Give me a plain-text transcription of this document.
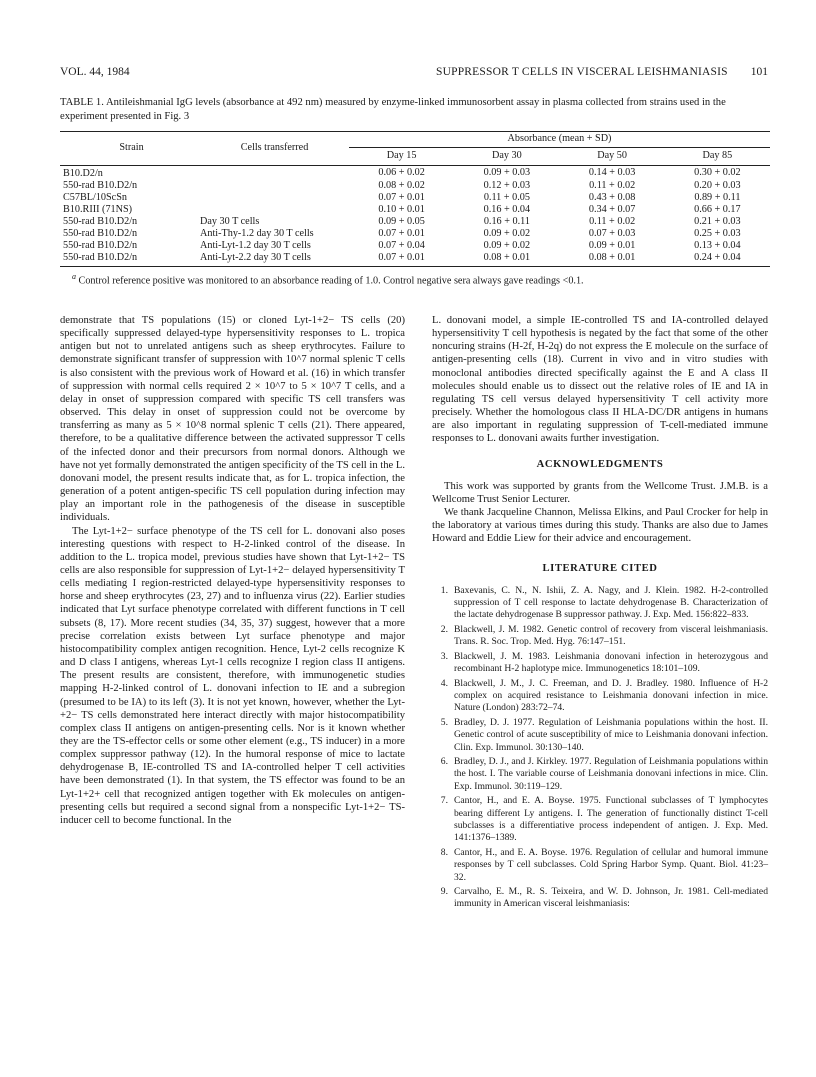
VOL. 44, 1984	SUPPRESSOR T CELLS IN VISCERAL LEISHMANIASIS 101
TABLE 1. Antileishmanial IgG levels (absorbance at 492 nm) measured by enzyme-linked immunosorbent assay in plasma collected from strains used in the experiment presented in Fig. 3
Strain	Cells transferred	Absorbance (mean + SD)			
		Day 15	Day 30	Day 50	Day 85
B10.D2/n		0.06 + 0.02	0.09 + 0.03	0.14 + 0.03	0.30 + 0.02
550-rad B10.D2/n		0.08 + 0.02	0.12 + 0.03	0.11 + 0.02	0.20 + 0.03
C57BL/10ScSn		0.07 + 0.01	0.11 + 0.05	0.43 + 0.08	0.89 + 0.11
B10.RIII (71NS)		0.10 + 0.01	0.16 + 0.04	0.34 + 0.07	0.66 + 0.17
550-rad B10.D2/n	Day 30 T cells	0.09 + 0.05	0.16 + 0.11	0.11 + 0.02	0.21 + 0.03
550-rad B10.D2/n	Anti-Thy-1.2 day 30 T cells	0.07 + 0.01	0.09 + 0.02	0.07 + 0.03	0.25 + 0.03
550-rad B10.D2/n	Anti-Lyt-1.2 day 30 T cells	0.07 + 0.04	0.09 + 0.02	0.09 + 0.01	0.13 + 0.04
550-rad B10.D2/n	Anti-Lyt-2.2 day 30 T cells	0.07 + 0.01	0.08 + 0.01	0.08 + 0.01	0.24 + 0.04
$^a$ Control reference positive was monitored to an absorbance reading of 1.0. Control negative sera always gave readings <0.1.

demonstrate that TS populations (15) or cloned Lyt-1+2− TS cells (20) specifically suppressed delayed-type hypersensitivity responses to L. tropica antigen but not to unrelated antigens such as sheep erythrocytes. Failure to demonstrate significant transfer of suppression with 10^7 normal splenic T cells is also consistent with the previous work of Howard et al. (16) in which transfer of suppression with normal cells required 2 × 10^7 to 5 × 10^7 T cells, and a delay in onset of suppression compared with specific TS cell transfers was observed. This delay in onset of suppression could not be overcome by transferring as many as 5 × 10^8 normal splenic T cells (21). There appeared, therefore, to be a qualitative difference between the activated suppressor T cells of the infected donor and their precursors from normal donors. Although we have not yet formally demonstrated the antigen specificity of the TS cell in the L. donovani model, the present results indicate that, as for L. tropica infection, the generation of a potent antigen-specific TS cell population during infection may play an important role in the pathogenesis of the disease in susceptible individuals.

The Lyt-1+2− surface phenotype of the TS cell for L. donovani also poses interesting questions with respect to H-2-linked control of the disease. In addition to the L. tropica model, previous studies have shown that Lyt-1+2− TS cells are also responsible for suppression of Lyt-1+2− delayed hypersensitivity T cells mediating I region-restricted delayed-type hypersensitivity responses to horse and sheep erythrocytes (23, 27) and to influenza virus (22). Earlier studies indicated that Lyt surface phenotype correlated with different functions in T cell subsets (8, 17). More recent studies (34, 35, 37) suggest, however that a more precise correlation exists between Lyt surface phenotype and major histocompatibility complex antigen recognition. Hence, Lyt-2 cells recognize K and D class I antigens, whereas Lyt-1 cells recognize I region class II antigens. The present results are consistent, therefore, with immunogenetic studies mapping H-2-linked control of L. donovani infection to IE and a subregion (presumed to be IA) to its left (3). It is not yet known, however, whether the Lyt-+2− TS cells demonstrated here interact directly with major histocompatibility complex class II antigens on antigen-presenting cells. Nor is it known whether they are the TS-effector cells or some other element (e.g., TS inducer) in a more complex suppressor pathway (12). In the humoral response of mice to lactate dehydrogenase B, IE-controlled TS and IA-controlled helper T cell activities have been demonstrated (1). In that system, the TS effector was found to be an Lyt-1+2+ cell that recognized antigen together with Ek molecules on antigen-presenting cells but required a second signal from a nonspecific Lyt-1+2− TS-inducer cell to become functional. In the

L. donovani model, a simple IE-controlled TS and IA-controlled delayed hypersensitivity T cell hypothesis is negated by the fact that some of the other noncuring strains (H-2f, H-2q) do not express the E molecule on the surface of antigen-presenting cells (18). Current in vivo and in vitro studies with monoclonal antibodies directed specifically against the E and A class II molecules should enable us to dissect out the relative roles of IE and IA in regulating TS cell versus delayed hypersensitivity T cell activity more precisely. Whether the homologous class II HLA-DC/DR antigens in humans are also important in regulating suppression of T-cell-mediated immune responses to L. donovani awaits further investigation.

ACKNOWLEDGMENTS

This work was supported by grants from the Wellcome Trust. J.M.B. is a Wellcome Trust Senior Lecturer.

We thank Jacqueline Channon, Melissa Elkins, and Paul Crocker for help in the laboratory at various times during this study. Thanks are also due to James Howard and Eddie Liew for their advice and encouragement.

LITERATURE CITED
1. Baxevanis, C. N., N. Ishii, Z. A. Nagy, and J. Klein. 1982. H-2-controlled suppression of T cell response to lactate dehydrogenase B. Characterization of the lactate dehydrogenase B suppressor pathway. J. Exp. Med. 156:822–833.
2. Blackwell, J. M. 1982. Genetic control of recovery from visceral leishmaniasis. Trans. R. Soc. Trop. Med. Hyg. 76:147–151.
3. Blackwell, J. M. 1983. Leishmania donovani infection in heterozygous and recombinant H-2 haplotype mice. Immunogenetics 18:101–109.
4. Blackwell, J. M., J. C. Freeman, and D. J. Bradley. 1980. Influence of H-2 complex on acquired resistance to Leishmania donovani infection in mice. Nature (London) 283:72–74.
5. Bradley, D. J. 1977. Regulation of Leishmania populations within the host. II. Genetic control of acute susceptibility of mice to Leishmania donovani infection. Clin. Exp. Immunol. 30:130–140.
6. Bradley, D. J., and J. Kirkley. 1977. Regulation of Leishmania populations within the host. I. The variable course of Leishmania donovani infections in mice. Clin. Exp. Immunol. 30:119–129.
7. Cantor, H., and E. A. Boyse. 1975. Functional subclasses of T lymphocytes bearing different Ly antigens. I. The generation of functionally distinct T-cell subclasses is a differentiative process independent of antigen. J. Exp. Med. 141:1376–1389.
8. Cantor, H., and E. A. Boyse. 1976. Regulation of cellular and humoral immune responses by T cell subclasses. Cold Spring Harbor Symp. Quant. Biol. 41:23–32.
9. Carvalho, E. M., R. S. Teixeira, and W. D. Johnson, Jr. 1981. Cell-mediated immunity in American visceral leishmaniasis:
